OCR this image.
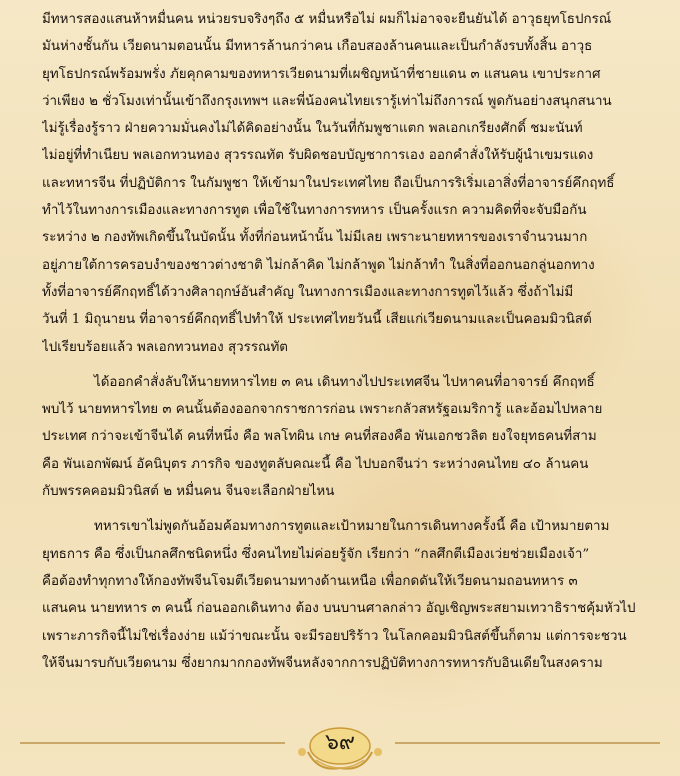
มีทหารสองแสนห้าหมื่นคน หน่วยรบจริงๆถึง ๕ หมื่นหรือไม่ ผมก็ไม่อาจจะยืนยันได้ อาวุธยุทโธปกรณ์
มันห่างชั้นกัน เวียดนามตอนนั้น มีทหารล้านกว่าคน เกือบสองล้านคนและเป็นกำลังรบทั้งสิ้น อาวุธ
ยุทโธปกรณ์พร้อมพรั่ง ภัยคุกคามของทหารเวียดนามที่เผชิญหน้าที่ชายแดน ๓ แสนคน เขาประกาศ
ว่าเพียง ๒ ชั่วโมงเท่านั้นเข้าถึงกรุงเทพฯ และพี่น้องคนไทยเรารู้เท่าไม่ถึงการณ์ พูดกันอย่างสนุกสนาน
ไม่รู้เรื่องรู้ราว ฝ่ายความมั่นคงไม่ได้คิดอย่างนั้น ในวันที่กัมพูชาแตก พลเอกเกรียงศักดิ์ ชมะนันท์
ไม่อยู่ที่ทำเนียบ พลเอกทวนทอง สุวรรณทัต รับผิดชอบบัญชาการเอง ออกคำสั่งให้รับผู้นำเขมรแดง
และทหารจีน ที่ปฏิบัติการ ในกัมพูชา ให้เข้ามาในประเทศไทย ถือเป็นการริเริ่มเอาสิ่งที่อาจารย์คึกฤทธิ์
ทำไว้ในทางการเมืองและทางการทูต เพื่อใช้ในทางการทหาร เป็นครั้งแรก ความคิดที่จะจับมือกัน
ระหว่าง ๒ กองทัพเกิดขึ้นในบัดนั้น ทั้งที่ก่อนหน้านั้น ไม่มีเลย เพราะนายทหารของเราจำนวนมาก
อยู่ภายใต้การครอบงำของชาวต่างชาติ ไม่กล้าคิด ไม่กล้าพูด ไม่กล้าทำ ในสิ่งที่ออกนอกลู่นอกทาง
ทั้งที่อาจารย์คึกฤทธิ์ได้วางศิลาฤกษ์อันสำคัญ ในทางการเมืองและทางการทูตไว้แล้ว ซึ่งถ้าไม่มี
วันที่ 1 มิถุนายน ที่อาจารย์คึกฤทธิ์ไปทำให้ ประเทศไทยวันนี้ เสียแก่เวียดนามและเป็นคอมมิวนิสต์
ไปเรียบร้อยแล้ว พลเอกทวนทอง สุวรรณทัต
ได้ออกคำสั่งลับให้นายทหารไทย ๓ คน เดินทางไปประเทศจีน ไปหาคนที่อาจารย์ คึกฤทธิ์
พบไว้ นายทหารไทย ๓ คนนั้นต้องออกจากราชการก่อน เพราะกลัวสหรัฐอเมริการู้ และอ้อมไปหลาย
ประเทศ กว่าจะเข้าจีนได้ คนที่หนึ่ง คือ พลโทผิน เกษ คนที่สองคือ พันเอกชวลิต ยงใจยุทธคนที่สาม
คือ พันเอกพัฒน์ อัคนิบุตร ภารกิจ ของทูตลับคณะนี้ คือ ไปบอกจีนว่า ระหว่างคนไทย ๔๐ ล้านคน
กับพรรคคอมมิวนิสต์ ๒ หมื่นคน จีนจะเลือกฝ่ายไหน
ทหารเขาไม่พูดกันอ้อมค้อมทางการทูตและเป้าหมายในการเดินทางครั้งนี้ คือ เป้าหมายตาม
ยุทธการ คือ ซึ่งเป็นกลศึกชนิดหนึ่ง ซึ่งคนไทยไม่ค่อยรู้จัก เรียกว่า “กลศึกตีเมืองเว่ยช่วยเมืองเจ้า”
คือต้องทำทุกทางให้กองทัพจีนโจมตีเวียดนามทางด้านเหนือ เพื่อกดดันให้เวียดนามถอนทหาร ๓
แสนคน นายทหาร ๓ คนนี้ ก่อนออกเดินทาง ต้อง บนบานศาลกล่าว อัญเชิญพระสยามเทวาธิราชคุ้มหัวไป
เพราะภารกิจนี้ไม่ใช่เรื่องง่าย แม้ว่าขณะนั้น จะมีรอยปริร้าว ในโลกคอมมิวนิสต์ขึ้นก็ตาม แต่การจะชวน
ให้จีนมารบกับเวียดนาม ซึ่งยากมากกองทัพจีนหลังจากการปฏิบัติทางการทหารกับอินเดียในสงคราม
๖๙
